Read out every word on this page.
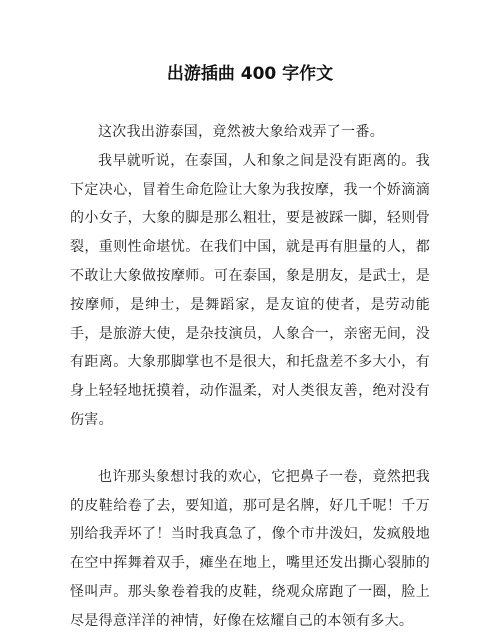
出游插曲 400 字作文

这次我出游泰国，竟然被大象给戏弄了一番。

我早就听说，在泰国，人和象之间是没有距离的。我下定决心，冒着生命危险让大象为我按摩，我一个娇滴滴的小女子，大象的脚是那么粗壮，要是被踩一脚，轻则骨裂，重则性命堪忧。在我们中国，就是再有胆量的人，都不敢让大象做按摩师。可在泰国，象是朋友，是武士，是按摩师，是绅士，是舞蹈家，是友谊的使者，是劳动能手，是旅游大使，是杂技演员，人象合一，亲密无间，没有距离。大象那脚掌也不是很大，和托盘差不多大小，有身上轻轻地抚摸着，动作温柔，对人类很友善，绝对没有伤害。

也许那头象想讨我的欢心，它把鼻子一卷，竟然把我的皮鞋给卷了去，要知道，那可是名牌，好几千呢！千万别给我弄坏了！当时我真急了，像个市井泼妇，发疯般地在空中挥舞着双手，瘫坐在地上，嘴里还发出撕心裂肺的怪叫声。那头象卷着我的皮鞋，绕观众席跑了一圈，脸上尽是得意洋洋的神情，好像在炫耀自己的本领有多大。
